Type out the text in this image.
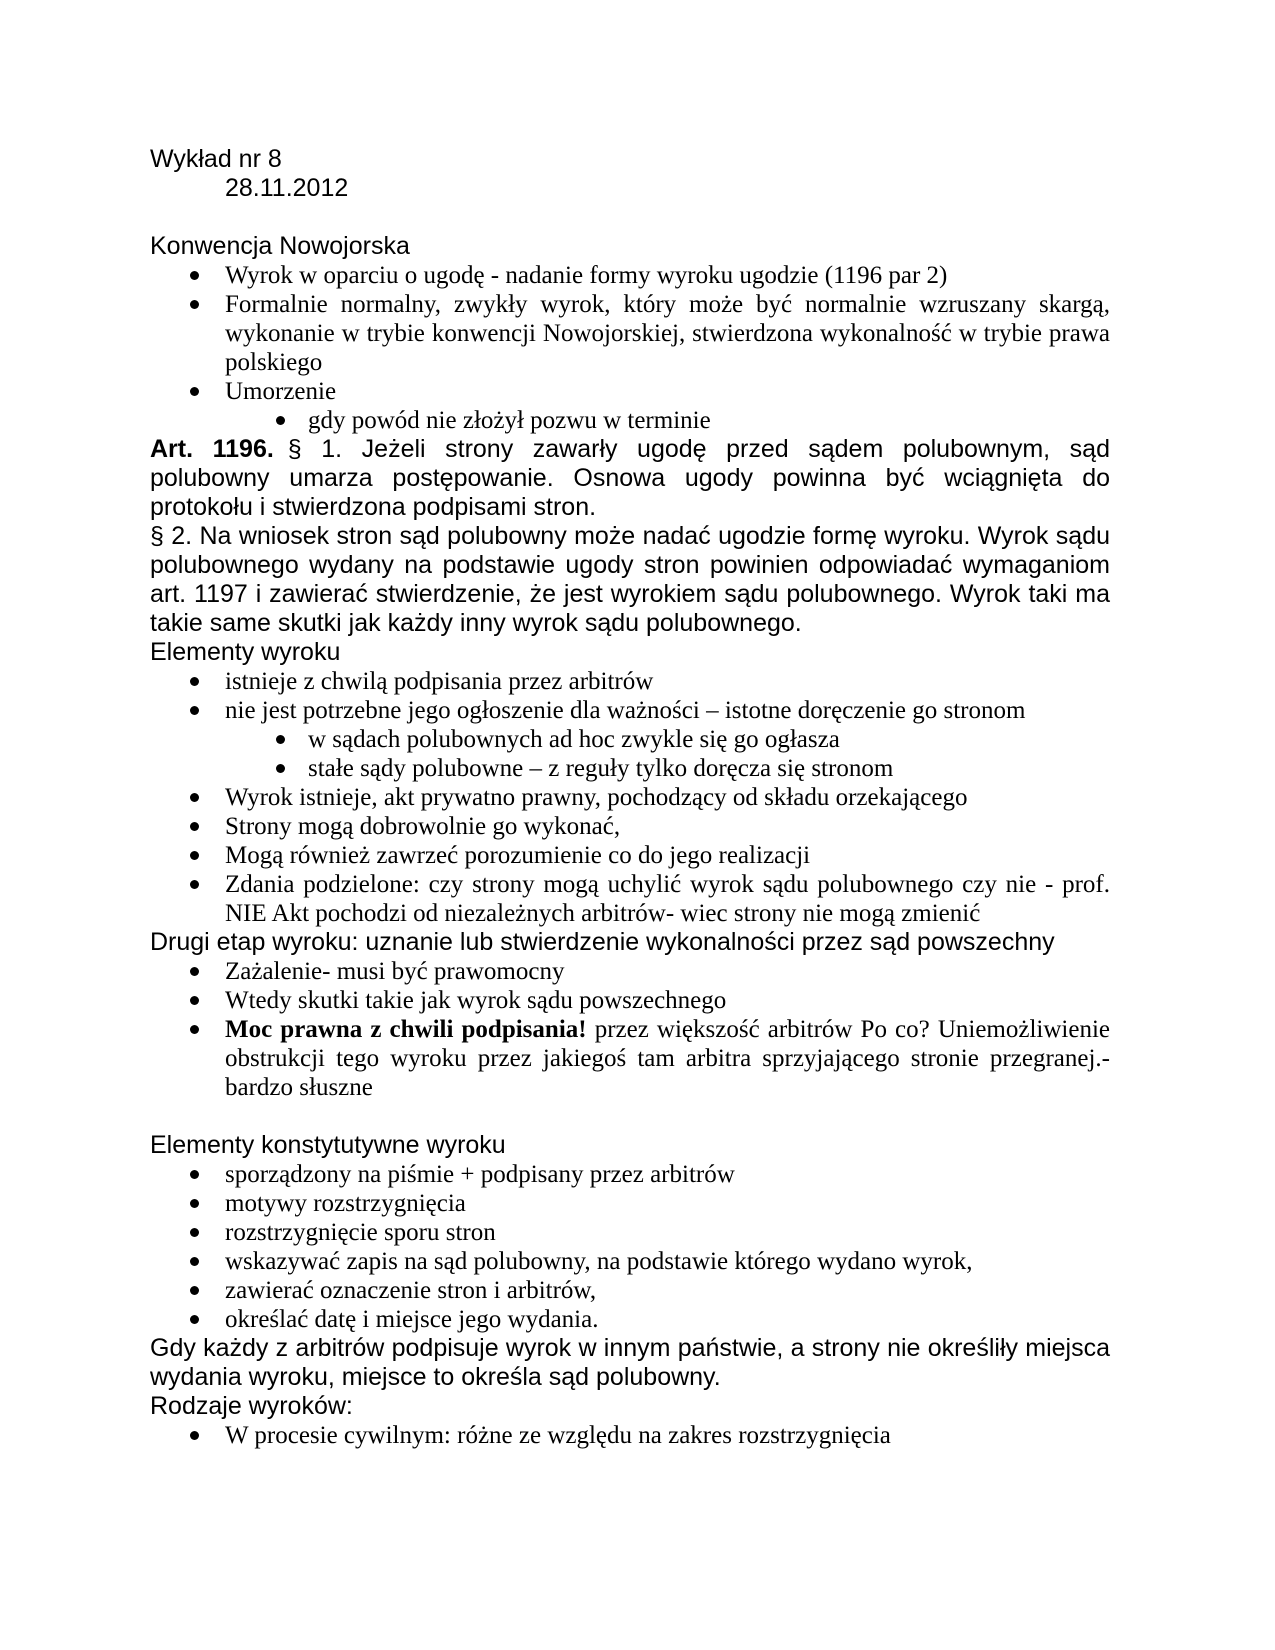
Wykład nr 8
28.11.2012
Konwencja Nowojorska
Wyrok w oparciu o ugodę - nadanie formy wyroku ugodzie (1196 par 2)
Formalnie normalny, zwykły wyrok, który może być normalnie wzruszany skargą, wykonanie w trybie konwencji Nowojorskiej, stwierdzona wykonalność w trybie prawa polskiego
Umorzenie
gdy powód nie złożył pozwu w terminie
Art. 1196. § 1. Jeżeli strony zawarły ugodę przed sądem polubownym, sąd polubowny umarza postępowanie. Osnowa ugody powinna być wciągnięta do protokołu i stwierdzona podpisami stron.
§ 2. Na wniosek stron sąd polubowny może nadać ugodzie formę wyroku. Wyrok sądu polubownego wydany na podstawie ugody stron powinien odpowiadać wymaganiom art. 1197 i zawierać stwierdzenie, że jest wyrokiem sądu polubownego. Wyrok taki ma takie same skutki jak każdy inny wyrok sądu polubownego.
Elementy wyroku
istnieje z chwilą podpisania przez arbitrów
nie jest potrzebne jego ogłoszenie dla ważności – istotne doręczenie go stronom
w sądach polubownych ad hoc zwykle się go ogłasza
stałe sądy polubowne – z reguły tylko doręcza się stronom
Wyrok istnieje, akt prywatno prawny, pochodzący od składu orzekającego
Strony mogą dobrowolnie go wykonać,
Mogą również zawrzeć porozumienie co do jego realizacji
Zdania podzielone: czy strony mogą uchylić wyrok sądu polubownego czy nie - prof. NIE Akt pochodzi od niezależnych arbitrów- wiec strony nie mogą zmienić
Drugi etap wyroku: uznanie lub stwierdzenie wykonalności przez sąd powszechny
Zażalenie- musi być prawomocny
Wtedy skutki takie jak wyrok sądu powszechnego
Moc prawna z chwili podpisania! przez większość arbitrów Po co? Uniemożliwienie obstrukcji tego wyroku przez jakiegoś tam arbitra sprzyjającego stronie przegranej.- bardzo słuszne
Elementy konstytutywne wyroku
sporządzony na piśmie + podpisany przez arbitrów
motywy rozstrzygnięcia
rozstrzygnięcie sporu stron
wskazywać zapis na sąd polubowny, na podstawie którego wydano wyrok,
zawierać oznaczenie stron i arbitrów,
określać datę i miejsce jego wydania.
Gdy każdy z arbitrów podpisuje wyrok w innym państwie, a strony nie określiły miejsca wydania wyroku, miejsce to określa sąd polubowny.
Rodzaje wyroków:
W procesie cywilnym: różne ze względu na zakres rozstrzygnięcia
